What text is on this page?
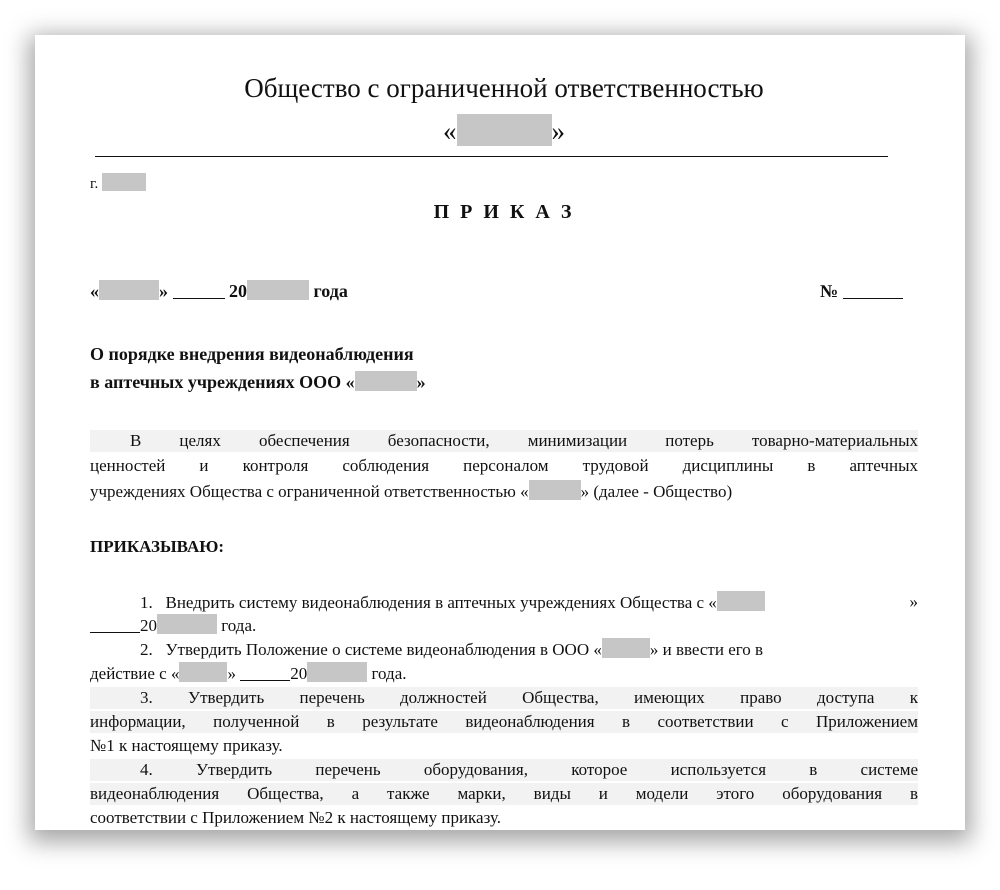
Общество с ограниченной ответственностью
«	»
г.
П Р И К А З
«	»	20	года	№
О порядке внедрения видеонаблюдения
в аптечных учреждениях ООО «	»
В целях обеспечения безопасности, минимизации потерь товарно-материальных
ценностей и контроля соблюдения персоналом трудовой дисциплины в аптечных
учреждениях Общества с ограниченной ответственностью «	» (далее - Общество)
ПРИКАЗЫВАЮ:
1.   Внедрить систему видеонаблюдения в аптечных учреждениях Общества с «	»
20	года.
2.   Утвердить Положение о системе видеонаблюдения в ООО «	» и ввести его в
действие с «	»	20	года.
3. Утвердить перечень должностей Общества, имеющих право доступа к
информации, полученной в результате видеонаблюдения в соответствии с Приложением
№1 к настоящему приказу.
4. Утвердить перечень оборудования, которое используется в системе
видеонаблюдения Общества, а также марки, виды и модели этого оборудования в
соответствии с Приложением №2 к настоящему приказу.
